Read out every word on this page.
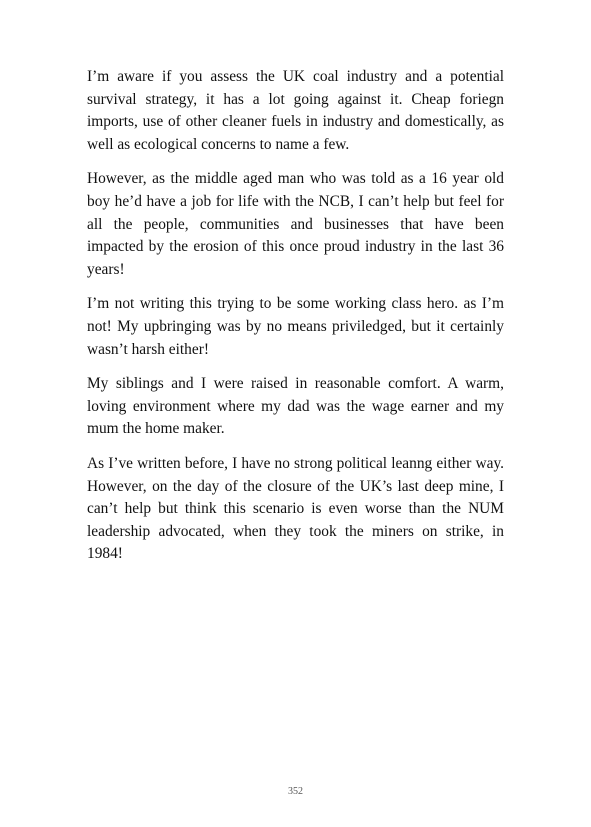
I’m aware if you assess the UK coal industry and a potential survival strategy, it has a lot going against it. Cheap foriegn imports, use of other cleaner fuels in industry and domestically, as well as ecological concerns to name a few.

However, as the middle aged man who was told as a 16 year old boy he’d have a job for life with the NCB, I can’t help but feel for all the people, communities and businesses that have been impacted by the erosion of this once proud industry in the last 36 years!

I’m not writing this trying to be some working class hero. as I’m not! My upbringing was by no means priviledged, but it certainly wasn’t harsh either!

My siblings and I were raised in reasonable comfort. A warm, loving environment where my dad was the wage earner and my mum the home maker.

As I’ve written before, I have no strong political leanng either way. However, on the day of the closure of the UK’s last deep mine, I can’t help but think this scenario is even worse than the NUM leadership advocated, when they took the miners on strike, in 1984!

352
